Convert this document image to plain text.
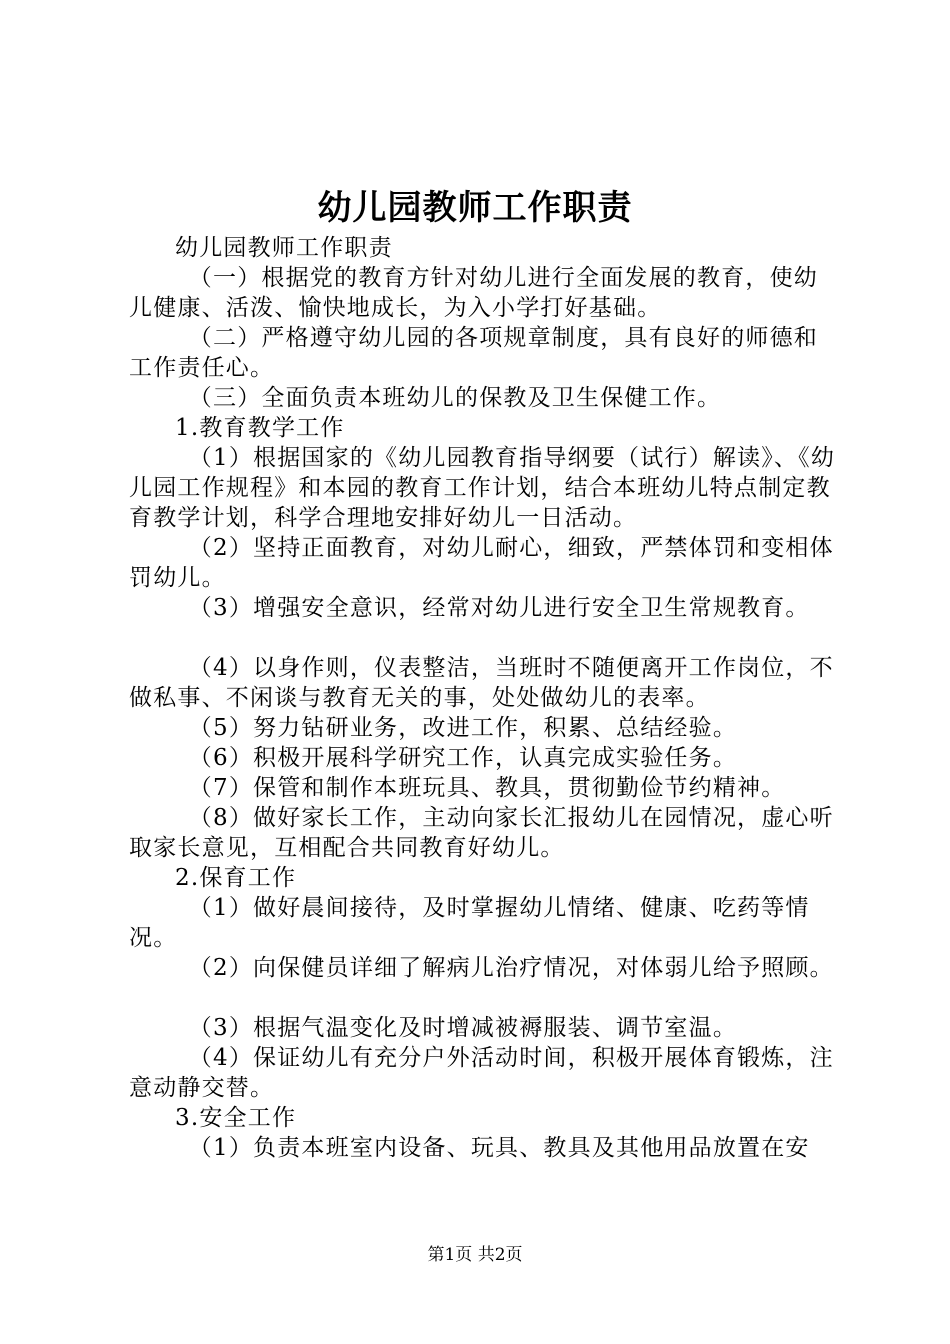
幼儿园教师工作职责

幼儿园教师工作职责

（一）根据党的教育方针对幼儿进行全面发展的教育，使幼儿健康、活泼、愉快地成长，为入小学打好基础。

（二）严格遵守幼儿园的各项规章制度，具有良好的师德和工作责任心。

（三）全面负责本班幼儿的保教及卫生保健工作。

1.教育教学工作

（1）根据国家的《幼儿园教育指导纲要（试行）解读》、《幼儿园工作规程》和本园的教育工作计划，结合本班幼儿特点制定教育教学计划，科学合理地安排好幼儿一日活动。

（2）坚持正面教育，对幼儿耐心，细致，严禁体罚和变相体罚幼儿。

（3）增强安全意识，经常对幼儿进行安全卫生常规教育。

（4）以身作则，仪表整洁，当班时不随便离开工作岗位，不做私事、不闲谈与教育无关的事，处处做幼儿的表率。

（5）努力钻研业务，改进工作，积累、总结经验。

（6）积极开展科学研究工作，认真完成实验任务。

（7）保管和制作本班玩具、教具，贯彻勤俭节约精神。

（8）做好家长工作，主动向家长汇报幼儿在园情况，虚心听取家长意见，互相配合共同教育好幼儿。

2.保育工作

（1）做好晨间接待，及时掌握幼儿情绪、健康、吃药等情况。

（2）向保健员详细了解病儿治疗情况，对体弱儿给予照顾。

（3）根据气温变化及时增减被褥服装、调节室温。

（4）保证幼儿有充分户外活动时间，积极开展体育锻炼，注意动静交替。

3.安全工作

（1）负责本班室内设备、玩具、教具及其他用品放置在安

第1页 共2页
